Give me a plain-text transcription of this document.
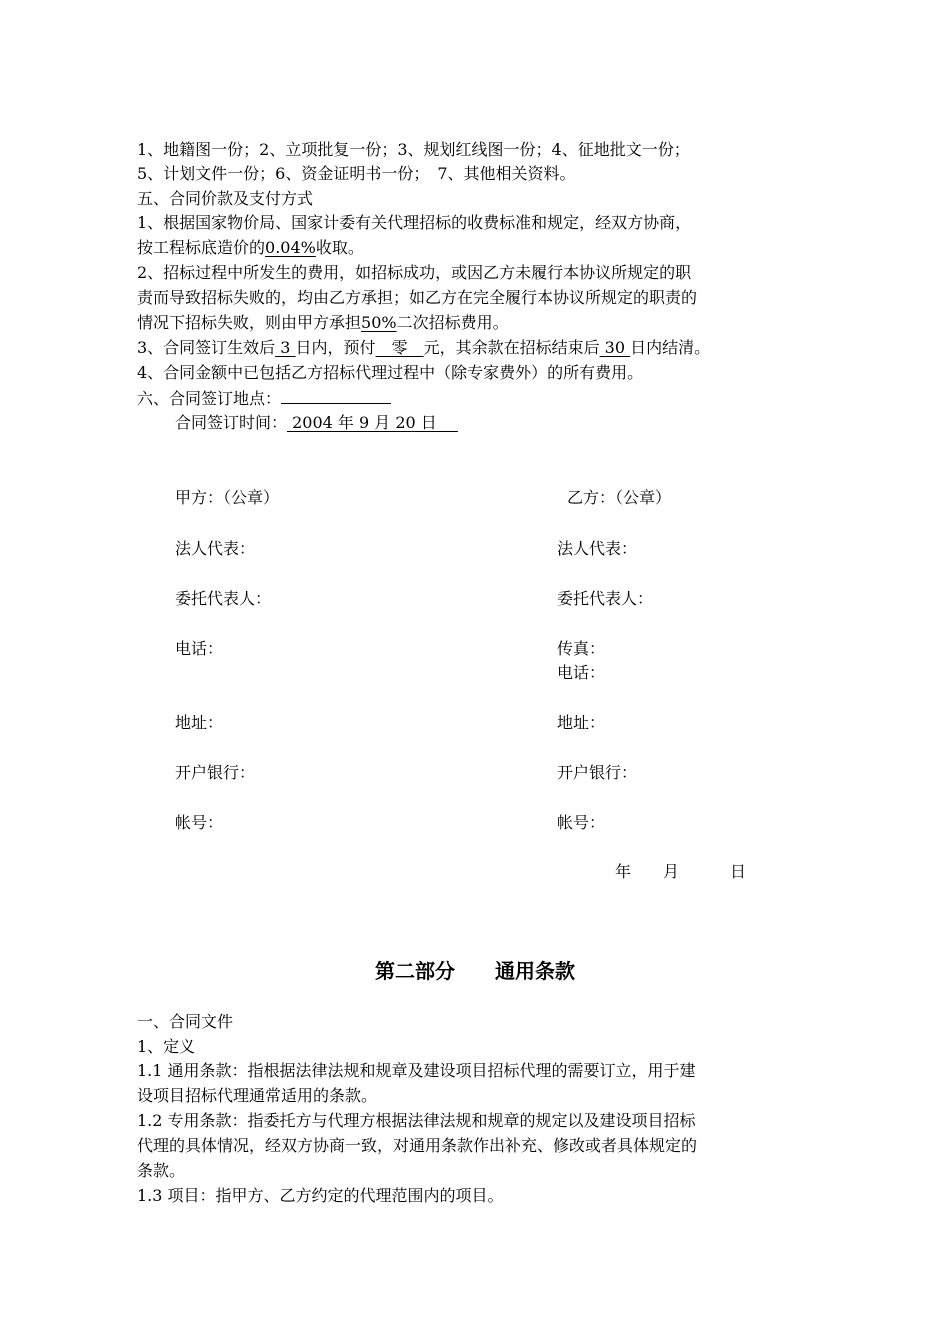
1、地籍图一份；2、立项批复一份；3、规划红线图一份；4、征地批文一份；
5、计划文件一份；6、资金证明书一份；　7、其他相关资料。
五、合同价款及支付方式
1、根据国家物价局、国家计委有关代理招标的收费标准和规定，经双方协商，
按工程标底造价的0.04%收取。
2、招标过程中所发生的费用，如招标成功，或因乙方未履行本协议所规定的职
责而导致招标失败的，均由乙方承担；如乙方在完全履行本协议所规定的职责的
情况下招标失败，则由甲方承担50%二次招标费用。
3、合同签订生效后 3 日内，预付　零　元，其余款在招标结束后 30 日内结清。
4、合同金额中已包括乙方招标代理过程中（除专家费外）的所有费用。
六、合同签订地点：
合同签订时间： 2004 年 9 月 20 日 　
甲方：（公章）
法人代表：
委托代表人：
电话：
地址：
开户银行：
帐号：
乙方：（公章）
法人代表：
委托代表人：
传真：
电话：
地址：
开户银行：
帐号：
年 月	日
第二部分　　通用条款
一、合同文件
1、定义
1.1 通用条款：指根据法律法规和规章及建设项目招标代理的需要订立，用于建
设项目招标代理通常适用的条款。
1.2 专用条款：指委托方与代理方根据法律法规和规章的规定以及建设项目招标
代理的具体情况，经双方协商一致，对通用条款作出补充、修改或者具体规定的
条款。
1.3 项目：指甲方、乙方约定的代理范围内的项目。
